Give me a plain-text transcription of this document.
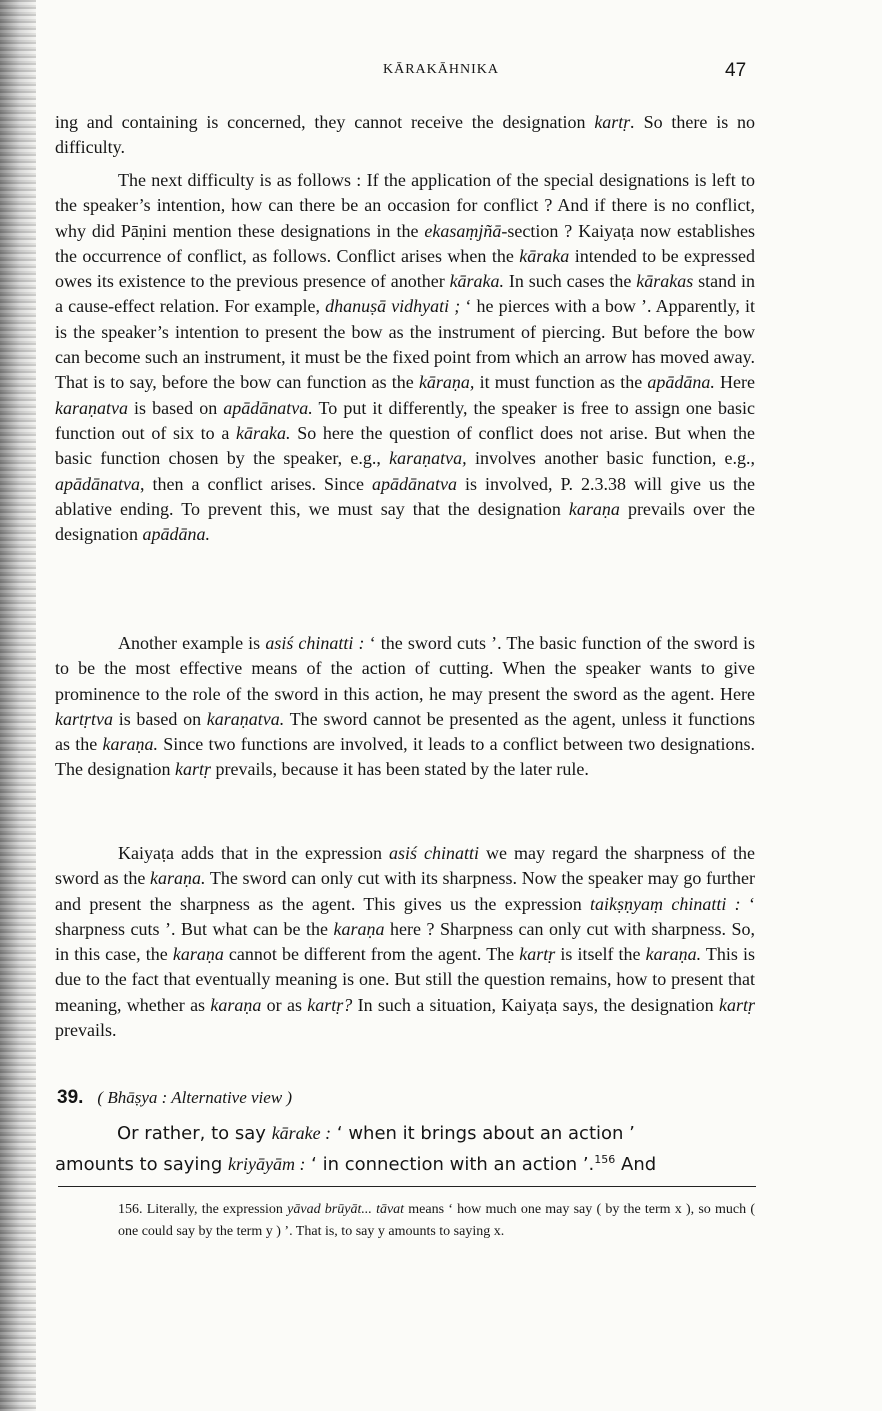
KĀRAKĀHNIKA	47

ing and containing is concerned, they cannot receive the designation kartṛ. So there is no difficulty.

The next difficulty is as follows : If the application of the special designations is left to the speaker’s intention, how can there be an occasion for conflict ? And if there is no conflict, why did Pāṇini mention these designations in the ekasaṃjñā-section ? Kaiyaṭa now establishes the occurrence of conflict, as follows. Conflict arises when the kāraka intended to be expressed owes its existence to the previous presence of another kāraka. In such cases the kārakas stand in a cause-effect relation. For example, dhanuṣā vidhyati ; ‘ he pierces with a bow ’. Apparently, it is the speaker’s intention to present the bow as the instrument of piercing. But before the bow can become such an instrument, it must be the fixed point from which an arrow has moved away. That is to say, before the bow can function as the kāraṇa, it must function as the apādāna. Here karaṇatva is based on apādānatva. To put it differently, the speaker is free to assign one basic function out of six to a kāraka. So here the question of conflict does not arise. But when the basic function chosen by the speaker, e.g., karaṇatva, involves another basic function, e.g., apādānatva, then a conflict arises. Since apādānatva is involved, P. 2.3.38 will give us the ablative ending. To prevent this, we must say that the designation karaṇa prevails over the designation apādāna.

Another example is asiś chinatti : ‘ the sword cuts ’. The basic function of the sword is to be the most effective means of the action of cutting. When the speaker wants to give prominence to the role of the sword in this action, he may present the sword as the agent. Here kartṛtva is based on karaṇatva. The sword cannot be presented as the agent, unless it functions as the karaṇa. Since two functions are involved, it leads to a conflict between two designations. The designation kartṛ prevails, because it has been stated by the later rule.

Kaiyaṭa adds that in the expression asiś chinatti we may regard the sharpness of the sword as the karaṇa. The sword can only cut with its sharpness. Now the speaker may go further and present the sharpness as the agent. This gives us the expression taikṣṇyaṃ chinatti : ‘ sharpness cuts ’. But what can be the karaṇa here ? Sharpness can only cut with sharpness. So, in this case, the karaṇa cannot be different from the agent. The kartṛ is itself the karaṇa. This is due to the fact that eventually meaning is one. But still the question remains, how to present that meaning, whether as karaṇa or as kartṛ? In such a situation, Kaiyaṭa says, the designation kartṛ prevails.

39. ( Bhāṣya : Alternative view )
Or rather, to say kārake : ‘ when it brings about an action ’
amounts to saying kriyāyām : ‘ in connection with an action ’.$^{156}$ And
156. Literally, the expression yāvad brūyāt... tāvat means ‘ how much one may say ( by the term x ), so much ( one could say by the term y ) ’. That is, to say y amounts to saying x.
